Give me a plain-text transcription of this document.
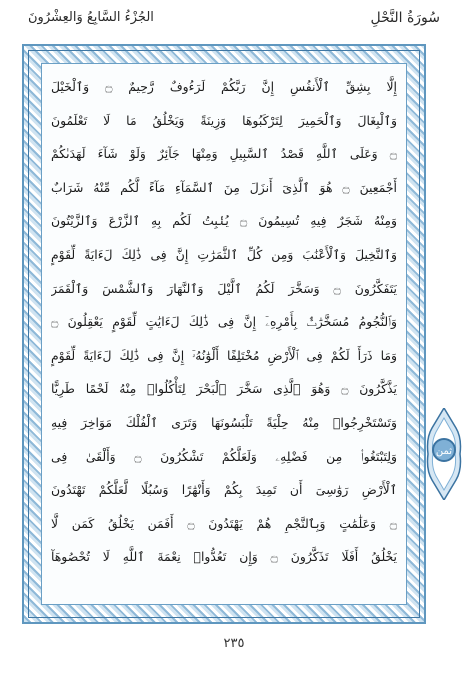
سُورَةُ النَّحْلِ
الجُزْءُ السَّابِعُ وَالعِشْرُونَ
إِلَّا بِشِقِّ ٱلْأَنفُسِ إِنَّ رَبَّكُمْ لَرَءُوفٌ رَّحِيمٌ ۝ وَٱلْخَيْلَ
وَٱلْبِغَالَ وَٱلْحَمِيرَ لِتَرْكَبُوهَا وَزِينَةً وَيَخْلُقُ مَا لَا تَعْلَمُونَ
۝ وَعَلَى ٱللَّهِ قَصْدُ ٱلسَّبِيلِ وَمِنْهَا جَآئِرٌ وَلَوْ شَآءَ لَهَدَىٰكُمْ
أَجْمَعِينَ ۝ هُوَ ٱلَّذِىٓ أَنزَلَ مِنَ ٱلسَّمَآءِ مَآءً لَّكُم مِّنْهُ شَرَابٌ
وَمِنْهُ شَجَرٌ فِيهِ تُسِيمُونَ ۝ يُنۢبِتُ لَكُم بِهِ ٱلزَّرْعَ وَٱلزَّيْتُونَ
وَٱلنَّخِيلَ وَٱلْأَعْنَٰبَ وَمِن كُلِّ ٱلثَّمَرَٰتِ إِنَّ فِى ذَٰلِكَ لَءَايَةً لِّقَوْمٍ
يَتَفَكَّرُونَ ۝ وَسَخَّرَ لَكُمُ ٱلَّيْلَ وَٱلنَّهَارَ وَٱلشَّمْسَ وَٱلْقَمَرَ
وَٱلنُّجُومُ مُسَخَّرَٰتٌۢ بِأَمْرِهِۦٓ إِنَّ فِى ذَٰلِكَ لَءَايَٰتٍ لِّقَوْمٍ يَعْقِلُونَ ۝
وَمَا ذَرَأَ لَكُمْ فِى ٱلْأَرْضِ مُخْتَلِفًا أَلْوَٰنُهُۥٓ إِنَّ فِى ذَٰلِكَ لَءَايَةً لِّقَوْمٍ
يَذَّكَّرُونَ ۝ وَهُوَ ٱلَّذِى سَخَّرَ ٱلْبَحْرَ لِتَأْكُلُوا۟ مِنْهُ لَحْمًا طَرِيًّا
وَتَسْتَخْرِجُوا۟ مِنْهُ حِلْيَةً تَلْبَسُونَهَا وَتَرَى ٱلْفُلْكَ مَوَاخِرَ فِيهِ
وَلِتَبْتَغُوا۟ مِن فَضْلِهِۦ وَلَعَلَّكُمْ تَشْكُرُونَ ۝ وَأَلْقَىٰ فِى
ٱلْأَرْضِ رَوَٰسِىَ أَن تَمِيدَ بِكُمْ وَأَنْهَٰرًا وَسُبُلًا لَّعَلَّكُمْ تَهْتَدُونَ
۝ وَعَلَٰمَٰتٍ وَبِٱلنَّجْمِ هُمْ يَهْتَدُونَ ۝ أَفَمَن يَخْلُقُ كَمَن لَّا
يَخْلُقُ أَفَلَا تَذَكَّرُونَ ۝ وَإِن تَعُدُّوا۟ نِعْمَةَ ٱللَّهِ لَا تُحْصُوهَآ
ثمن
٢٣٥
